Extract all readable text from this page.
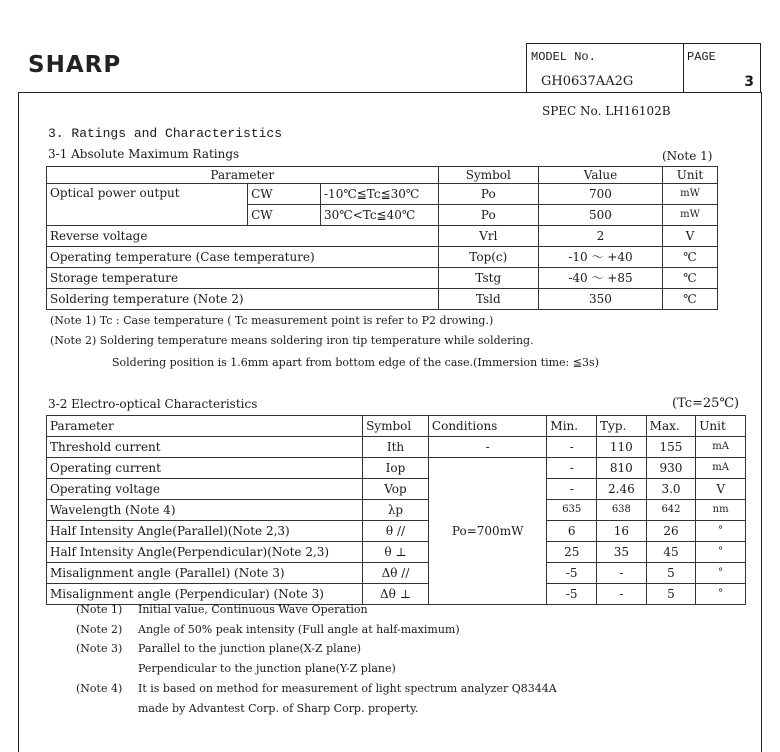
SHARP	MODEL No.
GH0637AA2G
PAGE
3
SPEC No. LH16102B
3. Ratings and Characteristics
3-1 Absolute Maximum Ratings	(Note 1)
Parameter			Symbol	Value	Unit
Optical power output	CW	-10℃≦Tc≦30℃	Po	700	mW
	CW	30℃<Tc≦40℃	Po	500	mW
Reverse voltage			Vrl	2	V
Operating temperature (Case temperature)			Top(c)	-10 ～ +40	℃
Storage temperature			Tstg	-40 ～ +85	℃
Soldering temperature (Note 2)			Tsld	350	℃
(Note 1) Tc : Case temperature ( Tc measurement point is refer to P2 drowing.)
(Note 2) Soldering temperature means soldering iron tip temperature while soldering.
Soldering position is 1.6mm apart from bottom edge of the case.(Immersion time: ≦3s)
3-2 Electro-optical Characteristics	(Tc=25℃)
Parameter	Symbol	Conditions	Min.	Typ.	Max.	Unit
Threshold current	Ith	-	-	110	155	mA
Operating current	Iop	Po=700mW	-	810	930	mA
Operating voltage	Vop		-	2.46	3.0	V
Wavelength (Note 4)	λp		635	638	642	nm
Half Intensity Angle(Parallel)(Note 2,3)	θ //		6	16	26	°
Half Intensity Angle(Perpendicular)(Note 2,3)	θ ⊥		25	35	45	°
Misalignment angle (Parallel) (Note 3)	Δθ //		-5	-	5	°
Misalignment angle (Perpendicular) (Note 3)	Δθ ⊥		-5	-	5	°
(Note 1) Initial value, Continuous Wave Operation
(Note 2) Angle of 50% peak intensity (Full angle at half-maximum)
(Note 3) Parallel to the junction plane(X-Z plane)
Perpendicular to the junction plane(Y-Z plane)
(Note 4) It is based on method for measurement of light spectrum analyzer Q8344A
made by Advantest Corp. of Sharp Corp. property.
